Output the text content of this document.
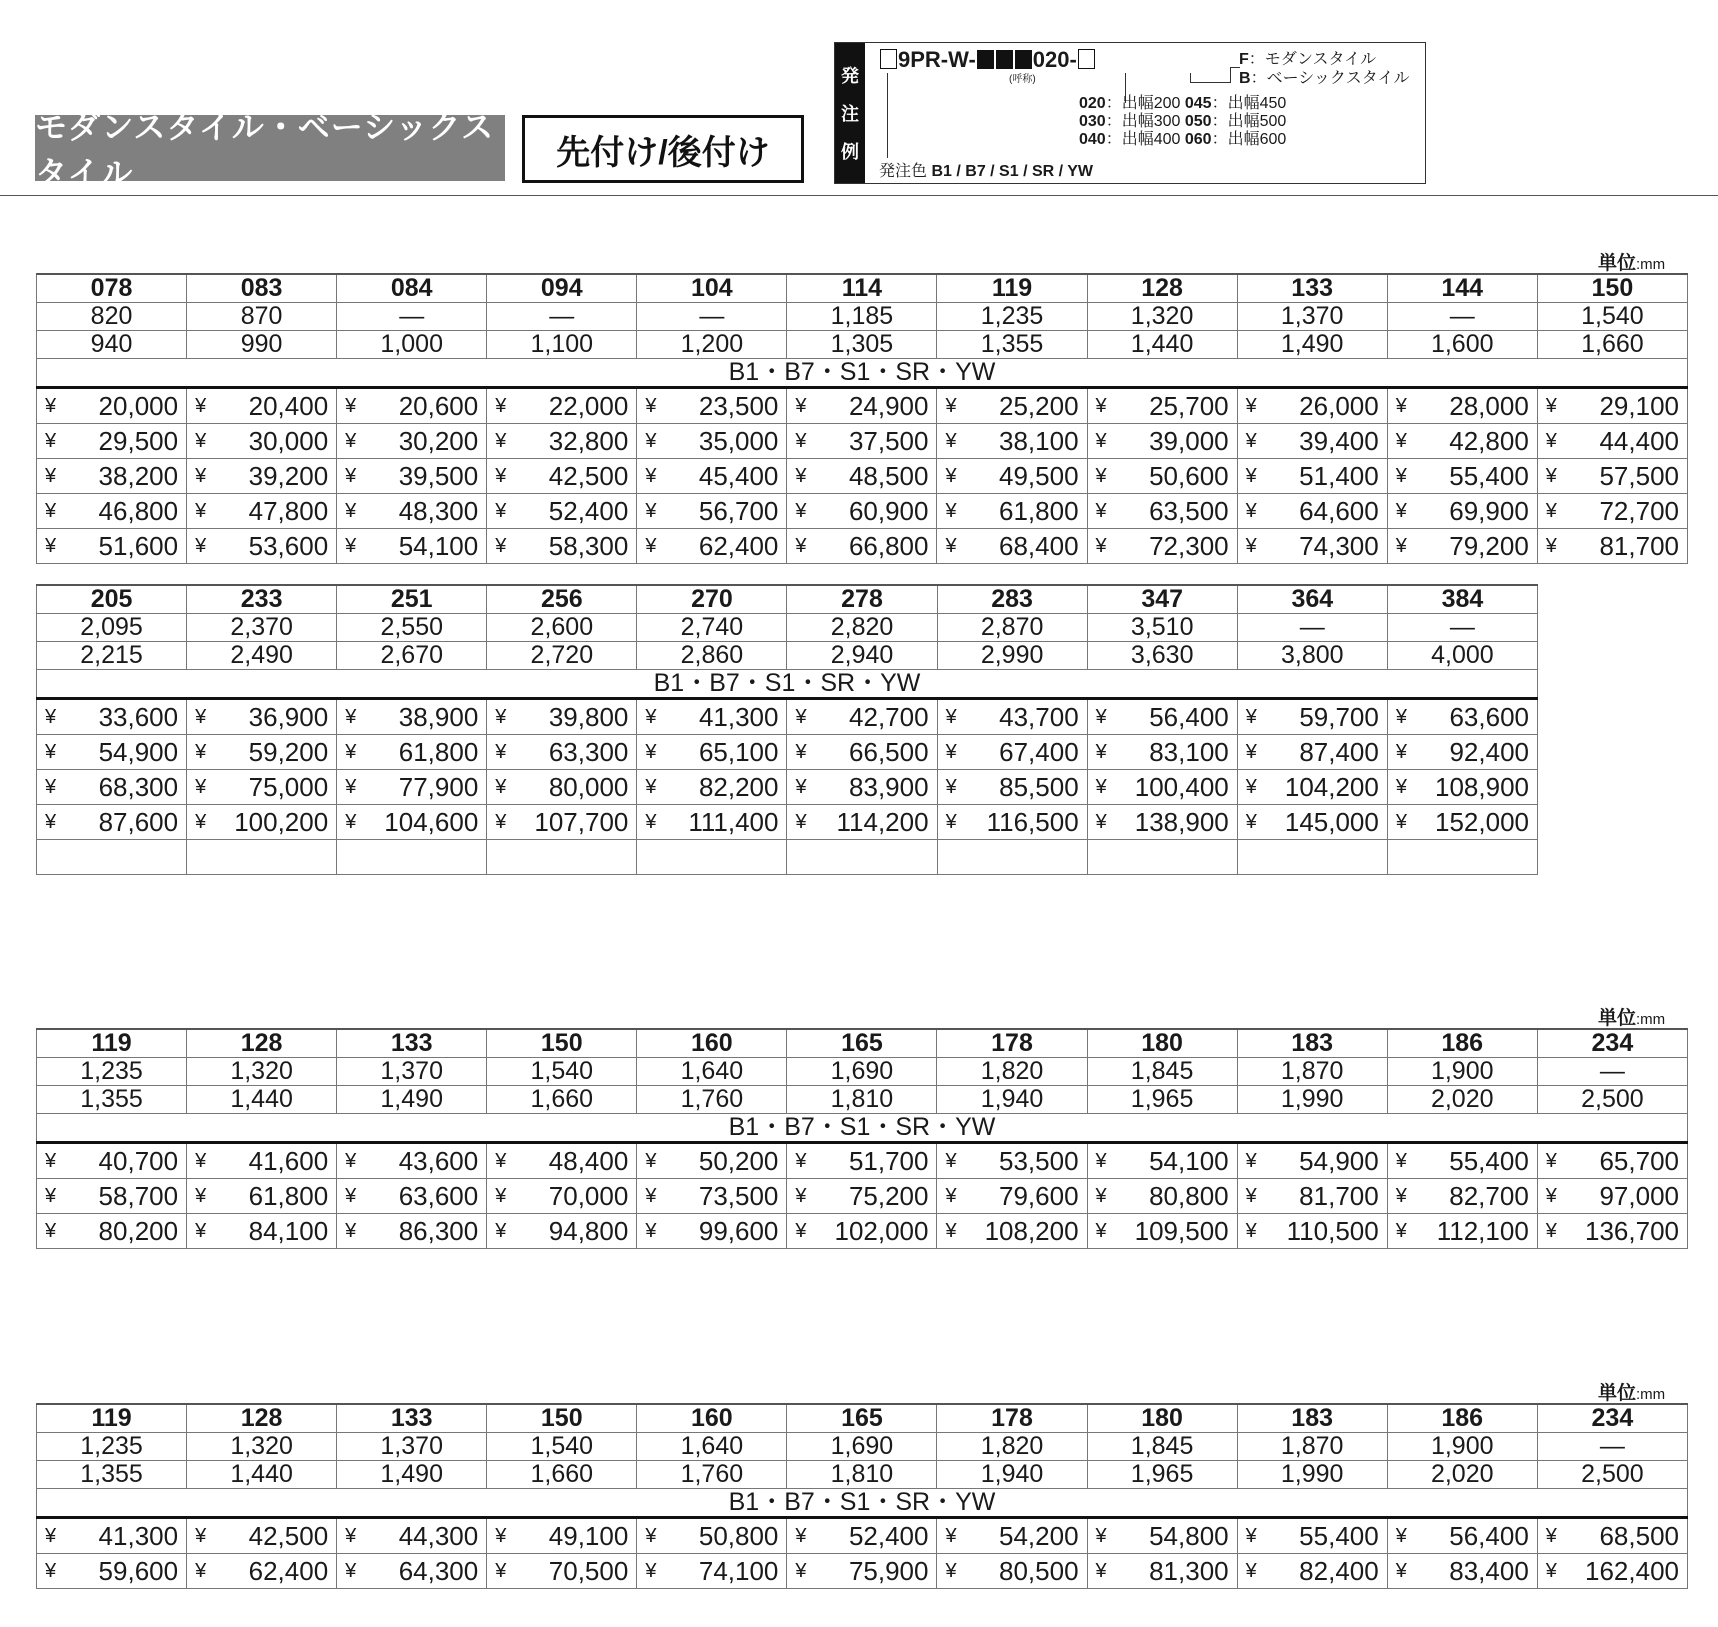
モダンスタイル・ベーシックスタイル
先付け/後付け
発
注
例
9PR-W-	020-
(呼称)
F：モダンスタイル
B：ベーシックスタイル
020：出幅200 045：出幅450
030：出幅300 050：出幅500
040：出幅400 060：出幅600
発注色 B1 / B7 / S1 / SR / YW
単位:mm
単位:mm
単位:mm
078	083	084	094	104	114	119	128	133	144	150
820	870	—	—	—	1,185	1,235	1,320	1,370	—	1,540
940	990	1,000	1,100	1,200	1,305	1,355	1,440	1,490	1,600	1,660
B1・B7・S1・SR・YW										

¥ 20,000	¥ 20,400	¥ 20,600	¥ 22,000	¥ 23,500	¥ 24,900	¥ 25,200	¥ 25,700	¥ 26,000	¥ 28,000	¥ 29,100

¥ 29,500	¥ 30,000	¥ 30,200	¥ 32,800	¥ 35,000	¥ 37,500	¥ 38,100	¥ 39,000	¥ 39,400	¥ 42,800	¥ 44,400

¥ 38,200	¥ 39,200	¥ 39,500	¥ 42,500	¥ 45,400	¥ 48,500	¥ 49,500	¥ 50,600	¥ 51,400	¥ 55,400	¥ 57,500

¥ 46,800	¥ 47,800	¥ 48,300	¥ 52,400	¥ 56,700	¥ 60,900	¥ 61,800	¥ 63,500	¥ 64,600	¥ 69,900	¥ 72,700

¥ 51,600	¥ 53,600	¥ 54,100	¥ 58,300	¥ 62,400	¥ 66,800	¥ 68,400	¥ 72,300	¥ 74,300	¥ 79,200	¥ 81,700
205	233	251	256	270	278	283	347	364	384
2,095	2,370	2,550	2,600	2,740	2,820	2,870	3,510	—	—
2,215	2,490	2,670	2,720	2,860	2,940	2,990	3,630	3,800	4,000
B1・B7・S1・SR・YW									

¥ 33,600	¥ 36,900	¥ 38,900	¥ 39,800	¥ 41,300	¥ 42,700	¥ 43,700	¥ 56,400	¥ 59,700	¥ 63,600

¥ 54,900	¥ 59,200	¥ 61,800	¥ 63,300	¥ 65,100	¥ 66,500	¥ 67,400	¥ 83,100	¥ 87,400	¥ 92,400

¥ 68,300	¥ 75,000	¥ 77,900	¥ 80,000	¥ 82,200	¥ 83,900	¥ 85,500	¥ 100,400	¥ 104,200	¥ 108,900

¥ 87,600	¥ 100,200	¥ 104,600	¥ 107,700	¥ 111,400	¥ 114,200	¥ 116,500	¥ 138,900	¥ 145,000	¥ 152,000

119	128	133	150	160	165	178	180	183	186	234
1,235	1,320	1,370	1,540	1,640	1,690	1,820	1,845	1,870	1,900	—
1,355	1,440	1,490	1,660	1,760	1,810	1,940	1,965	1,990	2,020	2,500
B1・B7・S1・SR・YW										

¥ 40,700	¥ 41,600	¥ 43,600	¥ 48,400	¥ 50,200	¥ 51,700	¥ 53,500	¥ 54,100	¥ 54,900	¥ 55,400	¥ 65,700

¥ 58,700	¥ 61,800	¥ 63,600	¥ 70,000	¥ 73,500	¥ 75,200	¥ 79,600	¥ 80,800	¥ 81,700	¥ 82,700	¥ 97,000

¥ 80,200	¥ 84,100	¥ 86,300	¥ 94,800	¥ 99,600	¥ 102,000	¥ 108,200	¥ 109,500	¥ 110,500	¥ 112,100	¥ 136,700
119	128	133	150	160	165	178	180	183	186	234
1,235	1,320	1,370	1,540	1,640	1,690	1,820	1,845	1,870	1,900	—
1,355	1,440	1,490	1,660	1,760	1,810	1,940	1,965	1,990	2,020	2,500
B1・B7・S1・SR・YW										

¥ 41,300	¥ 42,500	¥ 44,300	¥ 49,100	¥ 50,800	¥ 52,400	¥ 54,200	¥ 54,800	¥ 55,400	¥ 56,400	¥ 68,500

¥ 59,600	¥ 62,400	¥ 64,300	¥ 70,500	¥ 74,100	¥ 75,900	¥ 80,500	¥ 81,300	¥ 82,400	¥ 83,400	¥ 162,400
